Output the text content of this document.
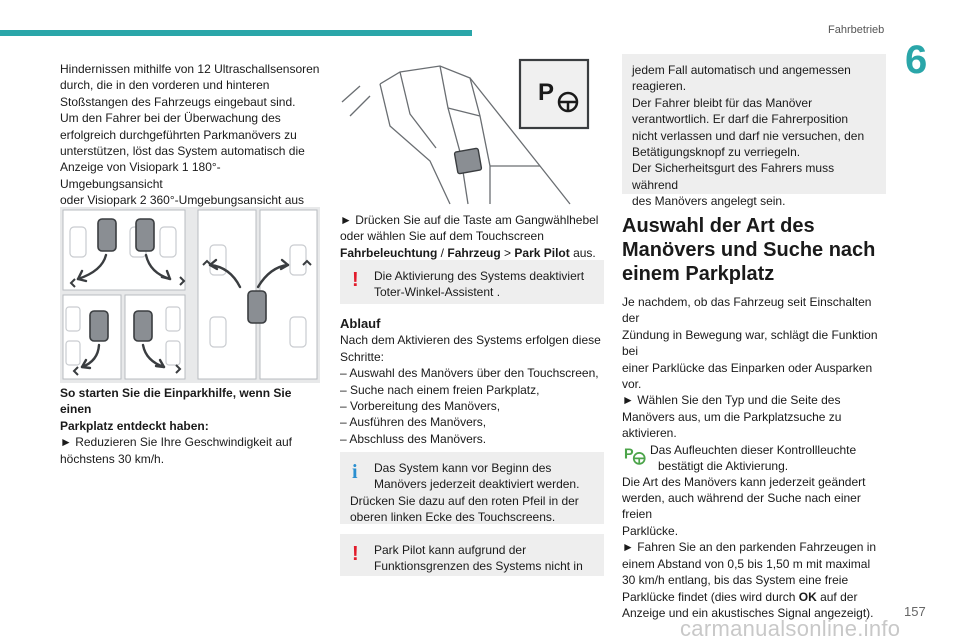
Fahrbetrieb
6

Hindernissen mithilfe von 12 Ultraschallsensoren

durch, die in den vorderen und hinteren

Stoßstangen des Fahrzeugs eingebaut sind.

Um den Fahrer bei der Überwachung des

erfolgreich durchgeführten Parkmanövers zu

unterstützen, löst das System automatisch die

Anzeige von Visiopark 1 180°-Umgebungsansicht

oder Visiopark 2 360°-Umgebungsansicht aus

So starten Sie die Einparkhilfe, wenn Sie einen

Parkplatz entdeckt haben:

► Reduzieren Sie Ihre Geschwindigkeit auf

höchstens 30 km/h.

P

► Drücken Sie auf die Taste am Gangwählhebel

oder wählen Sie auf dem Touchscreen

Fahrbeleuchtung / Fahrzeug > Park Pilot aus.

! Die Aktivierung des Systems deaktiviert

Toter-Winkel-Assistent .

Ablauf

Nach dem Aktivieren des Systems erfolgen diese

Schritte:

– Auswahl des Manövers über den Touchscreen,

– Suche nach einem freien Parkplatz,

– Vorbereitung des Manövers,

– Ausführen des Manövers,

– Abschluss des Manövers.

i Das System kann vor Beginn des

Manövers jederzeit deaktiviert werden.

Drücken Sie dazu auf den roten Pfeil in der

oberen linken Ecke des Touchscreens.

! Park Pilot kann aufgrund der

Funktionsgrenzen des Systems nicht in

jedem Fall automatisch und angemessen

reagieren.

Der Fahrer bleibt für das Manöver

verantwortlich. Er darf die Fahrerposition

nicht verlassen und darf nie versuchen, den

Betätigungsknopf zu verriegeln.

Der Sicherheitsgurt des Fahrers muss während

des Manövers angelegt sein.

Auswahl der Art des

Manövers und Suche nach

einem Parkplatz

Je nachdem, ob das Fahrzeug seit Einschalten der

Zündung in Bewegung war, schlägt die Funktion bei

einer Parklücke das Einparken oder Ausparken vor.

► Wählen Sie den Typ und die Seite des

Manövers aus, um die Parkplatzsuche zu

aktivieren.

P Das Aufleuchten dieser Kontrollleuchte

bestätigt die Aktivierung.

Die Art des Manövers kann jederzeit geändert

werden, auch während der Suche nach einer freien

Parklücke.

► Fahren Sie an den parkenden Fahrzeugen in

einem Abstand von 0,5 bis 1,50 m mit maximal

30 km/h entlang, bis das System eine freie

Parklücke findet (dies wird durch OK auf der

Anzeige und ein akustisches Signal angezeigt).	157
carmanualsonline.info
